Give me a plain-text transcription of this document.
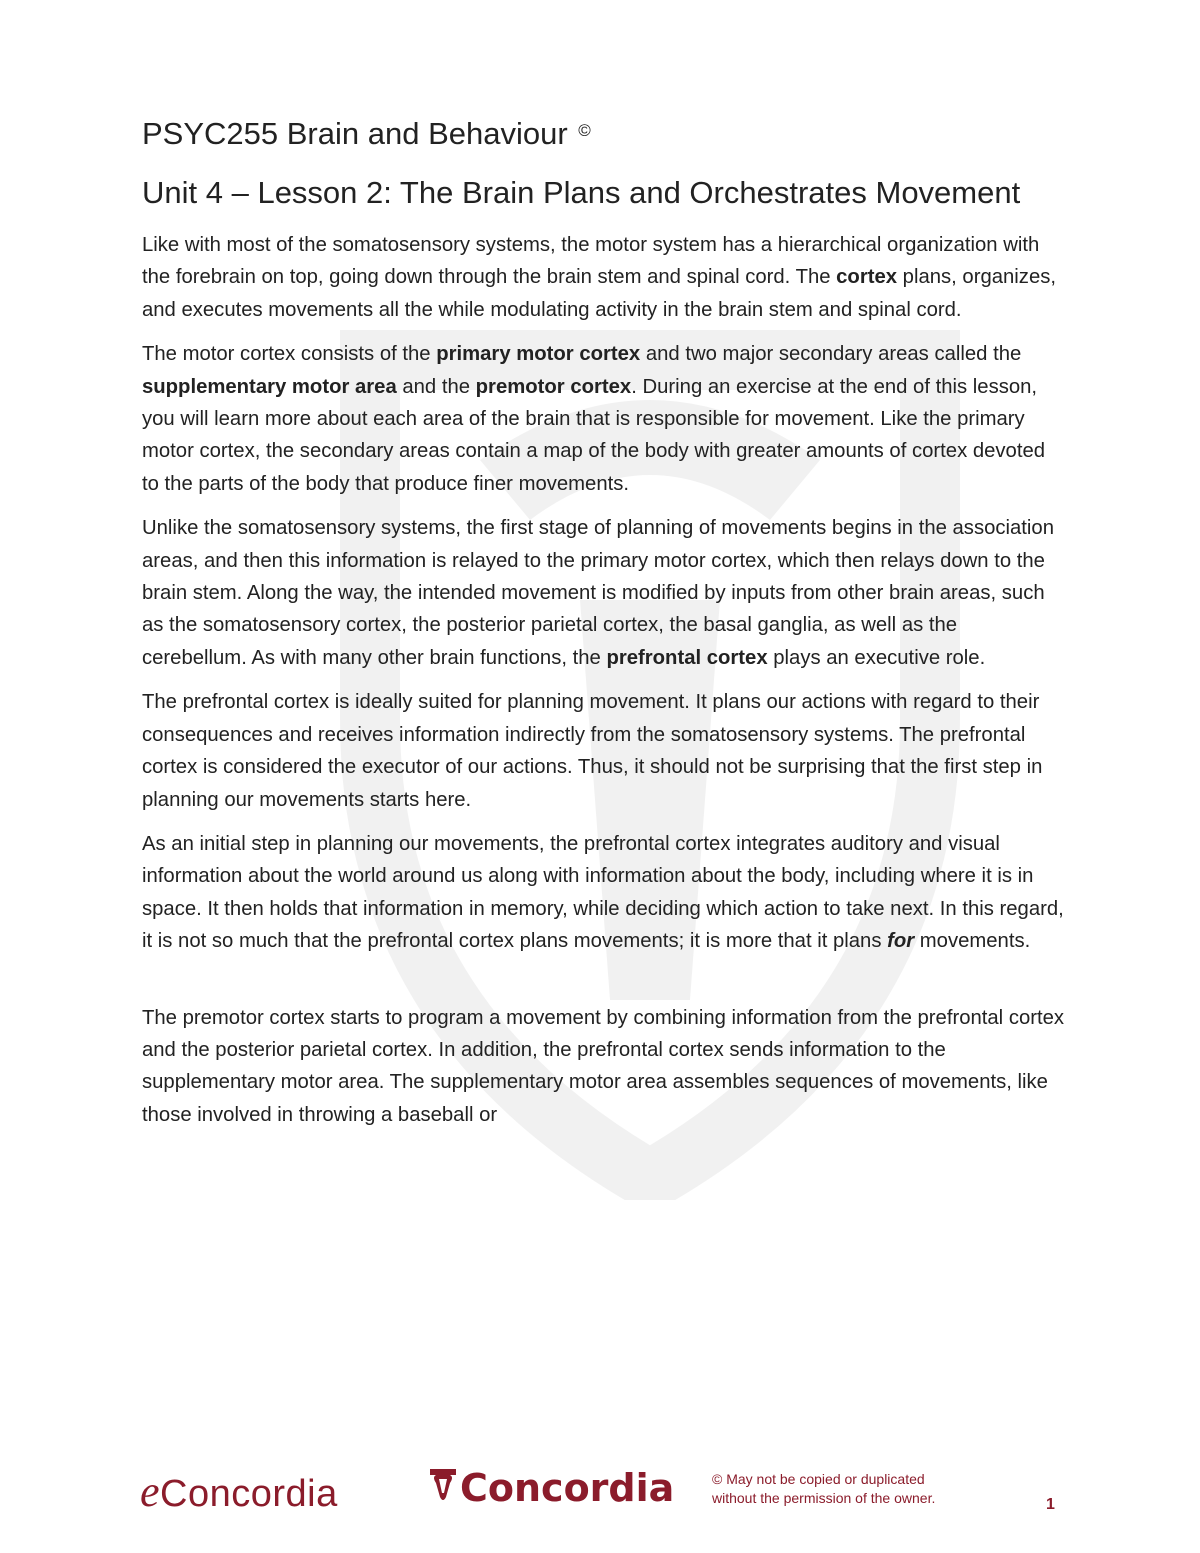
PSYC255 Brain and Behaviour ©
Unit 4 – Lesson 2: The Brain Plans and Orchestrates Movement

Like with most of the somatosensory systems, the motor system has a hierarchical organization with the forebrain on top, going down through the brain stem and spinal cord. The cortex plans, organizes, and executes movements all the while modulating activity in the brain stem and spinal cord.

The motor cortex consists of the primary motor cortex and two major secondary areas called the supplementary motor area and the premotor cortex. During an exercise at the end of this lesson, you will learn more about each area of the brain that is responsible for movement. Like the primary motor cortex, the secondary areas contain a map of the body with greater amounts of cortex devoted to the parts of the body that produce finer movements.

Unlike the somatosensory systems, the first stage of planning of movements begins in the association areas, and then this information is relayed to the primary motor cortex, which then relays down to the brain stem. Along the way, the intended movement is modified by inputs from other brain areas, such as the somatosensory cortex, the posterior parietal cortex, the basal ganglia, as well as the cerebellum. As with many other brain functions, the prefrontal cortex plays an executive role.

The prefrontal cortex is ideally suited for planning movement. It plans our actions with regard to their consequences and receives information indirectly from the somatosensory systems. The prefrontal cortex is considered the executor of our actions. Thus, it should not be surprising that the first step in planning our movements starts here.

As an initial step in planning our movements, the prefrontal cortex integrates auditory and visual information about the world around us along with information about the body, including where it is in space. It then holds that information in memory, while deciding which action to take next. In this regard, it is not so much that the prefrontal cortex plans movements; it is more that it plans for movements.

The premotor cortex starts to program a movement by combining information from the prefrontal cortex and the posterior parietal cortex. In addition, the prefrontal cortex sends information to the supplementary motor area. The supplementary motor area assembles sequences of movements, like those involved in throwing a baseball or

eConcordia	Concordia	© May not be copied or duplicated
without the permission of the owner.	1
